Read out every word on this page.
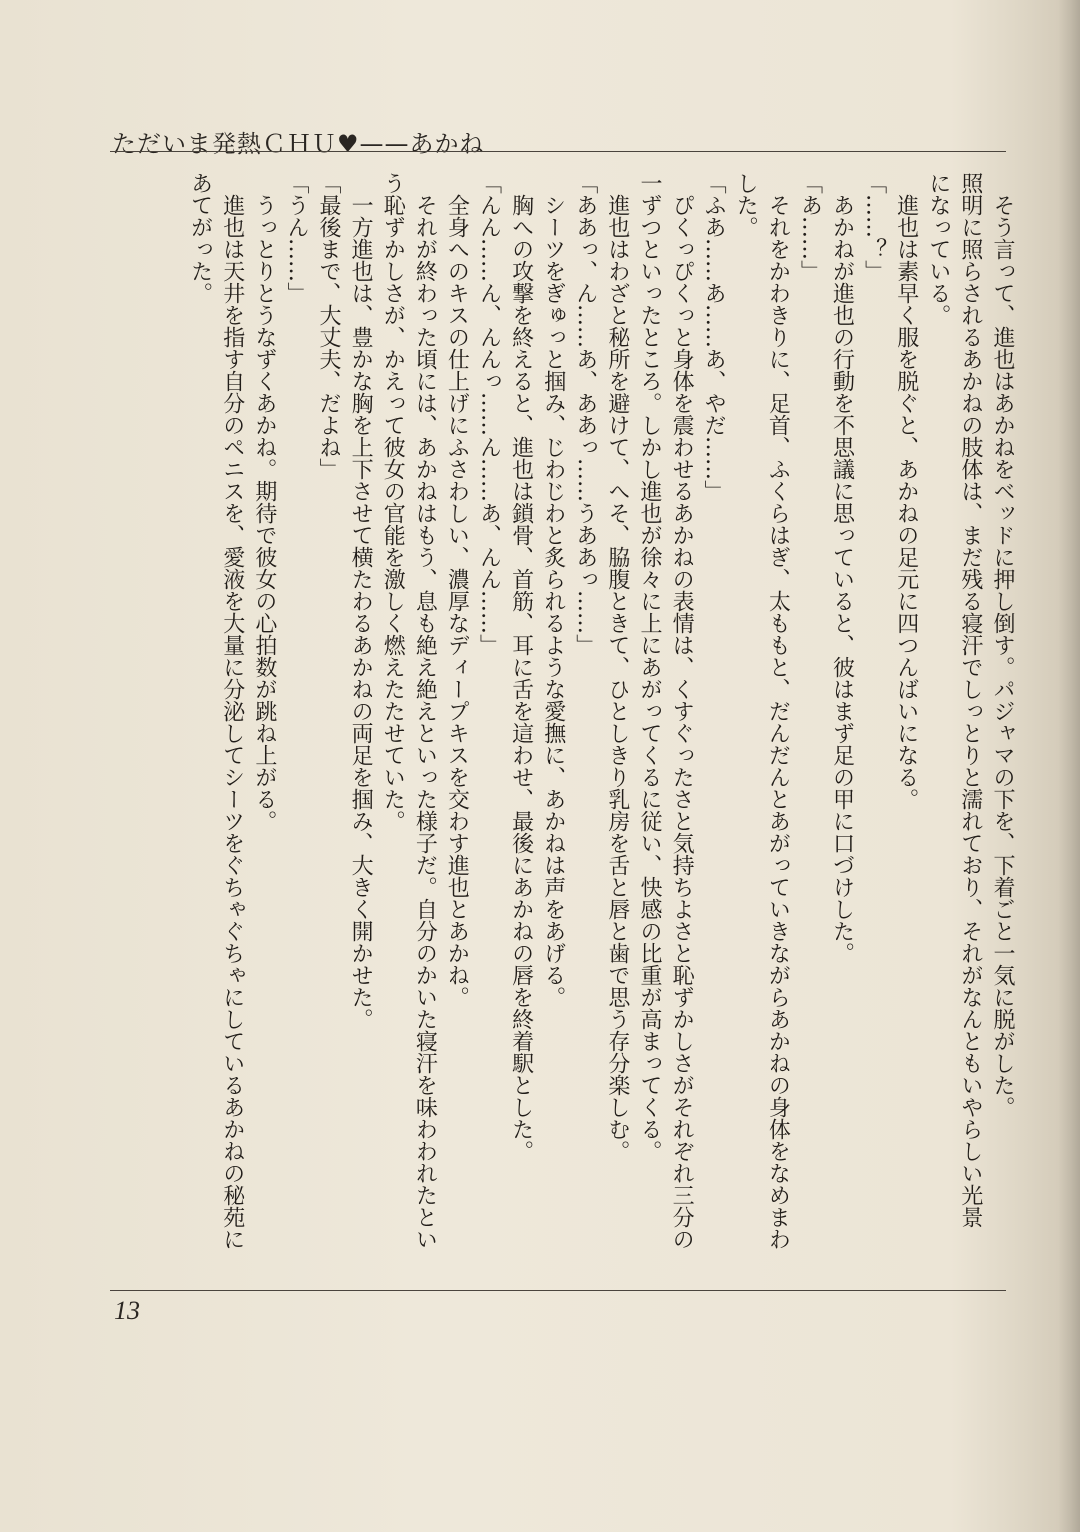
ただいま発熱ＣＨＵ♥——あかね

　そう言って、進也はあかねをベッドに押し倒す。パジャマの下を、下着ごと一気に脱がした。

照明に照らされるあかねの肢体は、まだ残る寝汗でしっとりと濡れており、それがなんともいやらしい光景

になっている。

　進也は素早く服を脱ぐと、あかねの足元に四つんばいになる。

「……？」

　あかねが進也の行動を不思議に思っていると、彼はまず足の甲に口づけした。

「あ……」

　それをかわきりに、足首、ふくらはぎ、太ももと、だんだんとあがっていきながらあかねの身体をなめまわ

した。

「ふあ……あ……あ、やだ……」

　ぴくっぴくっと身体を震わせるあかねの表情は、くすぐったさと気持ちよさと恥ずかしさがそれぞれ三分の

一ずつといったところ。しかし進也が徐々に上にあがってくるに従い、快感の比重が高まってくる。

　進也はわざと秘所を避けて、へそ、脇腹ときて、ひとしきり乳房を舌と唇と歯で思う存分楽しむ。

「ああっ、ん……あ、ああっ……うああっ……」

　シーツをぎゅっと掴み、じわじわと炙られるような愛撫に、あかねは声をあげる。

　胸への攻撃を終えると、進也は鎖骨、首筋、耳に舌を這わせ、最後にあかねの唇を終着駅とした。

「んん……ん、んんっ……ん……あ、んん……」

　全身へのキスの仕上げにふさわしい、濃厚なディープキスを交わす進也とあかね。

　それが終わった頃には、あかねはもう、息も絶え絶えといった様子だ。自分のかいた寝汗を味わわれたとい

う恥ずかしさが、かえって彼女の官能を激しく燃えたたせていた。

　一方進也は、豊かな胸を上下させて横たわるあかねの両足を掴み、大きく開かせた。

「最後まで、大丈夫、だよね」

「うん……」

　うっとりとうなずくあかね。期待で彼女の心拍数が跳ね上がる。

　進也は天井を指す自分のペニスを、愛液を大量に分泌してシーツをぐちゃぐちゃにしているあかねの秘苑に

あてがった。

13
